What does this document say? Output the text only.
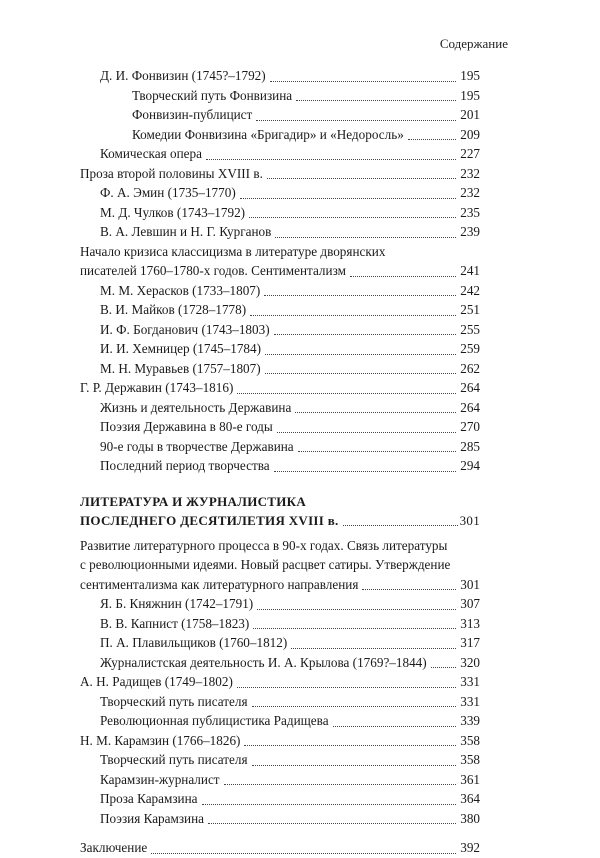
Содержание
Д. И. Фонвизин (1745?–1792)	195
Творческий путь Фонвизина	195
Фонвизин-публицист	201
Комедии Фонвизина «Бригадир» и «Недоросль»	209
Комическая опера	227
Проза второй половины XVIII в.	232
Ф. А. Эмин (1735–1770)	232
М. Д. Чулков (1743–1792)	235
В. А. Левшин и Н. Г. Курганов	239
Начало кризиса классицизма в литературе дворянских
писателей 1760–1780-х годов. Сентиментализм	241
М. М. Херасков (1733–1807)	242
В. И. Майков (1728–1778)	251
И. Ф. Богданович (1743–1803)	255
И. И. Хемницер (1745–1784)	259
М. Н. Муравьев (1757–1807)	262
Г. Р. Державин (1743–1816)	264
Жизнь и деятельность Державина	264
Поэзия Державина в 80-е годы	270
90-е годы в творчестве Державина	285
Последний период творчества	294
ЛИТЕРАТУРА И ЖУРНАЛИСТИКА
ПОСЛЕДНЕГО ДЕСЯТИЛЕТИЯ XVIII в.	301
Развитие литературного процесса в 90-х годах. Связь литературы
с революционными идеями. Новый расцвет сатиры. Утверждение
сентиментализма как литературного направления	301
Я. Б. Княжнин (1742–1791)	307
В. В. Капнист (1758–1823)	313
П. А. Плавильщиков (1760–1812)	317
Журналистская деятельность И. А. Крылова (1769?–1844)	320
А. Н. Радищев (1749–1802)	331
Творческий путь писателя	331
Революционная публицистика Радищева	339
Н. М. Карамзин (1766–1826)	358
Творческий путь писателя	358
Карамзин-журналист	361
Проза Карамзина	364
Поэзия Карамзина	380
Заключение	392
